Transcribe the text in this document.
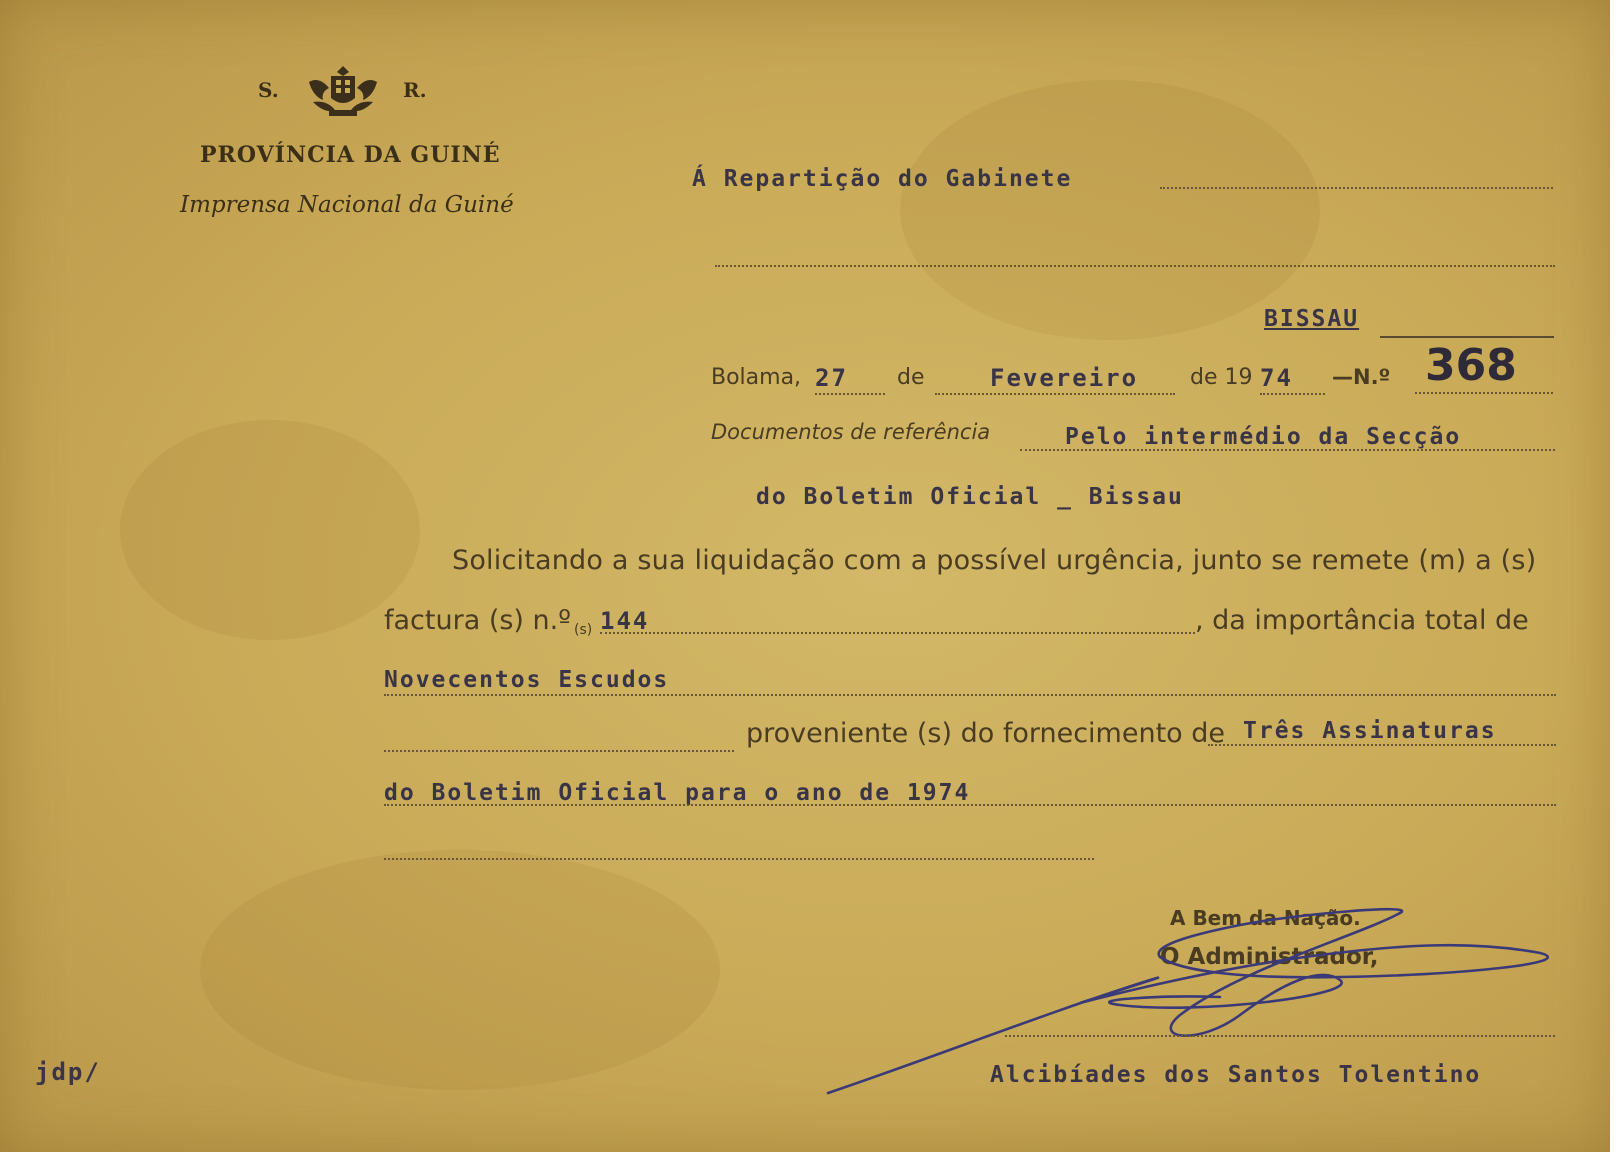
S.	R.
PROVÍNCIA DA GUINÉ
Imprensa Nacional da Guiné
Á Repartição do Gabinete
BISSAU
Bolama, 27 de	Fevereiro de 19 74 —N.º 368
Documentos de referência	Pelo intermédio da Secção
do Boletim Oficial _ Bissau
Solicitando a sua liquidação com a possível urgência, junto se remete (m) a (s)
factura (s) n.º (s) 144	, da importância total de
Novecentos Escudos
proveniente (s) do fornecimento de Três Assinaturas
do Boletim Oficial para o ano de 1974
A Bem da Nação.
O Administrador,
Alcibíades dos Santos Tolentino
jdp/
